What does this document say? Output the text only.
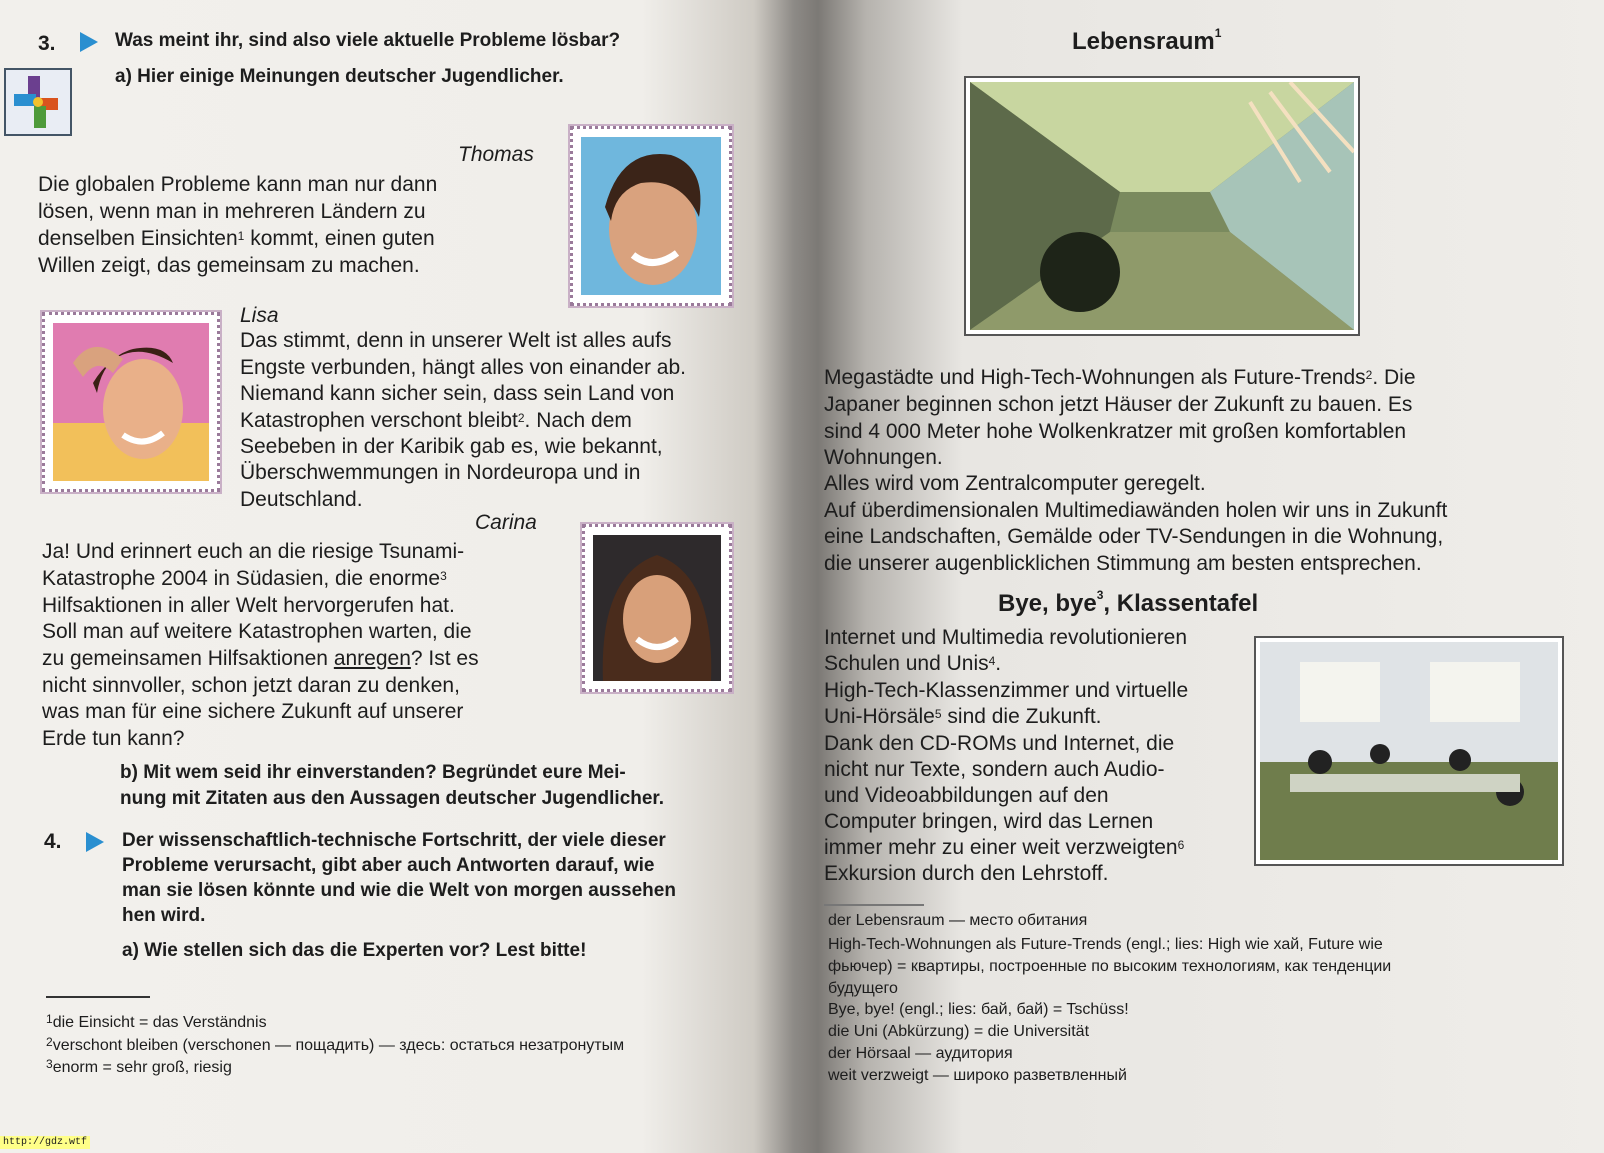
3.	Was meint ihr, sind also viele aktuelle Probleme lösbar?
a) Hier einige Meinungen deutscher Jugendlicher.
Thomas
Die globalen Probleme kann man nur dann
lösen, wenn man in mehreren Ländern zu
denselben Einsichten$^1$ kommt, einen guten
Willen zeigt, das gemeinsam zu machen.
Lisa
Das stimmt, denn in unserer Welt ist alles aufs
Engste verbunden, hängt alles von einander ab.
Niemand kann sicher sein, dass sein Land von
Katastrophen verschont bleibt$^2$. Nach dem
Seebeben in der Karibik gab es, wie bekannt,
Überschwemmungen in Nordeuropa und in
Deutschland.
Carina
Ja! Und erinnert euch an die riesige Tsunami-
Katastrophe 2004 in Südasien, die enorme$^3$
Hilfsaktionen in aller Welt hervorgerufen hat.
Soll man auf weitere Katastrophen warten, die
zu gemeinsamen Hilfsaktionen anregen? Ist es
nicht sinnvoller, schon jetzt daran zu denken,
was man für eine sichere Zukunft auf unserer
Erde tun kann?
b) Mit wem seid ihr einverstanden? Begründet eure Mei-
nung mit Zitaten aus den Aussagen deutscher Jugendlicher.
4.	Der wissenschaftlich-technische Fortschritt, der viele dieser
Probleme verursacht, gibt aber auch Antworten darauf, wie
man sie lösen könnte und wie die Welt von morgen aussehen
hen wird.
a) Wie stellen sich das die Experten vor? Lest bitte!
$^1$die Einsicht = das Verständnis
$^2$verschont bleiben (verschonen — пощадить) — здесь: остаться незатронутым
$^3$enorm = sehr groß, riesig
Lebensraum$^1$
Megastädte und High-Tech-Wohnungen als Future-Trends$^2$. Die
Japaner beginnen schon jetzt Häuser der Zukunft zu bauen. Es
sind 4 000 Meter hohe Wolkenkratzer mit großen komfortablen
Wohnungen.
Alles wird vom Zentralcomputer geregelt.
Auf überdimensionalen Multimediawänden holen wir uns in Zukunft
eine Landschaften, Gemälde oder TV-Sendungen in die Wohnung,
die unserer augenblicklichen Stimmung am besten entsprechen.
Bye, bye$^3$, Klassentafel
Internet und Multimedia revolutionieren
Schulen und Unis$^4$.
High-Tech-Klassenzimmer und virtuelle
Uni-Hörsäle$^5$ sind die Zukunft.
Dank den CD-ROMs und Internet, die
nicht nur Texte, sondern auch Audio-
und Videoabbildungen auf den
Computer bringen, wird das Lernen
immer mehr zu einer weit verzweigten$^6$
Exkursion durch den Lehrstoff.
der Lebensraum — место обитания
High-Tech-Wohnungen als Future-Trends (engl.; lies: High wie хай, Future wie
фьючер) = квартиры, построенные по высоким технологиям, как тенденции
будущего
Bye, bye! (engl.; lies: бай, бай) = Tschüss!
die Uni (Abkürzung) = die Universität
der Hörsaal — аудитория
weit verzweigt — широко разветвленный
http://gdz.wtf
